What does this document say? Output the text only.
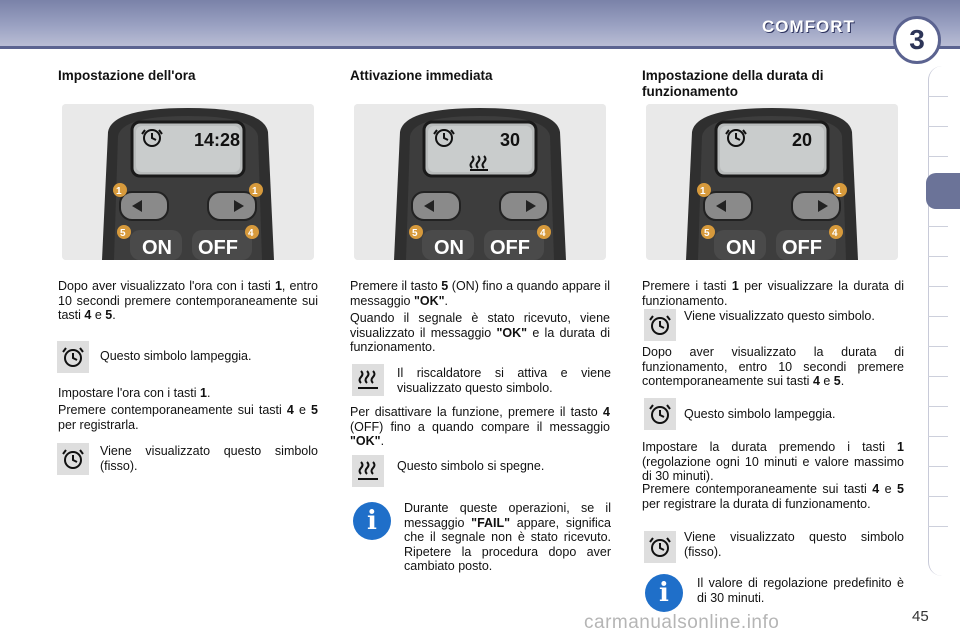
COMFORT	3
Impostazione dell'ora
14:28
ON OFF
1	1
5	4
Dopo aver visualizzato l'ora con i tasti 1, entro 10 secondi premere contemporaneamente sui tasti 4 e 5.
Questo simbolo lampeggia.
Impostare l'ora con i tasti 1.
Premere contemporaneamente sui tasti 4 e 5 per registrarla.
Viene visualizzato questo simbolo (fisso).
Attivazione immediata
30
ON OFF
5	4
Premere il tasto 5 (ON) fino a quando appare il messaggio "OK".
Quando il segnale è stato ricevuto, viene visualizzato il messaggio "OK" e la durata di funzionamento.
Il riscaldatore si attiva e viene visualizzato questo simbolo.
Per disattivare la funzione, premere il tasto 4 (OFF) fino a quando compare il messaggio "OK".
Questo simbolo si spegne.
i	Durante queste operazioni, se il messaggio "FAIL" appare, significa che il segnale non è stato ricevuto. Ripetere la procedura dopo aver cambiato posto.
Impostazione della durata di funzionamento
20
ON OFF
1	1
5	4
Premere i tasti 1 per visualizzare la durata di funzionamento.
Viene visualizzato questo simbolo.
Dopo aver visualizzato la durata di funzionamento, entro 10 secondi premere contemporaneamente sui tasti 4 e 5.
Questo simbolo lampeggia.
Impostare la durata premendo i tasti 1 (regolazione ogni 10 minuti e valore massimo di 30 minuti).
Premere contemporaneamente sui tasti 4 e 5 per registrare la durata di funzionamento.
Viene visualizzato questo simbolo (fisso).
i	Il valore di regolazione predefinito è di 30 minuti.
45
carmanualsonline.info
